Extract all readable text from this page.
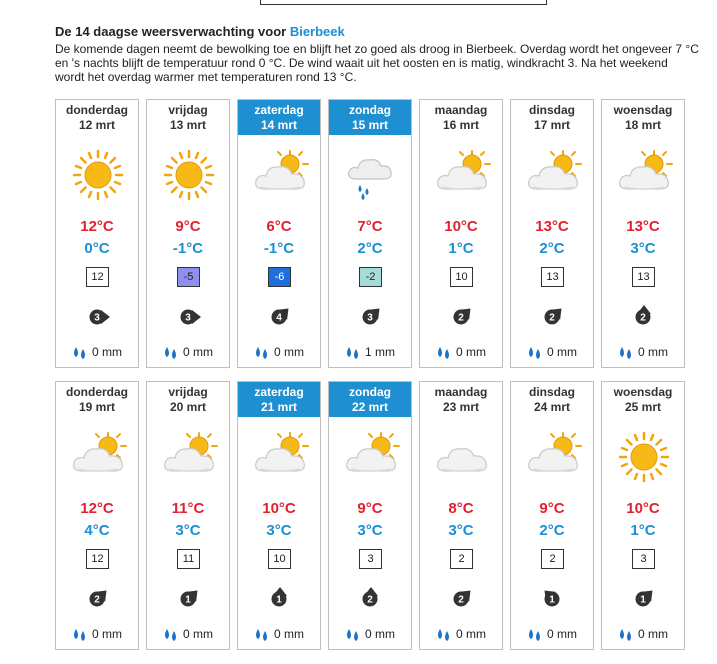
De 14 daagse weersverwachting voor Bierbeek
De komende dagen neemt de bewolking toe en blijft het zo goed als droog in Bierbeek. Overdag wordt het ongeveer 7 °C en 's nachts blijft de temperatuur rond 0 °C. De wind waait uit het oosten en is matig, windkracht 3. Na het weekend wordt het overdag warmer met temperaturen rond 13 °C.
donderdag
12 mrt
12°C
0°C
12
3
0 mm
vrijdag
13 mrt
9°C
-1°C
-5
3
0 mm
zaterdag
14 mrt
6°C
-1°C
-6
4
0 mm
zondag
15 mrt
7°C
2°C
-2
3
1 mm
maandag
16 mrt
10°C
1°C
10
2
0 mm
dinsdag
17 mrt
13°C
2°C
13
2
0 mm
woensdag
18 mrt
13°C
3°C
13
2
0 mm
donderdag
19 mrt
12°C
4°C
12
2
0 mm
vrijdag
20 mrt
11°C
3°C
11
1
0 mm
zaterdag
21 mrt
10°C
3°C
10
1
0 mm
zondag
22 mrt
9°C
3°C
3
2
0 mm
maandag
23 mrt
8°C
3°C
2
2
0 mm
dinsdag
24 mrt
9°C
2°C
2
1
0 mm
woensdag
25 mrt
10°C
1°C
3
1
0 mm
